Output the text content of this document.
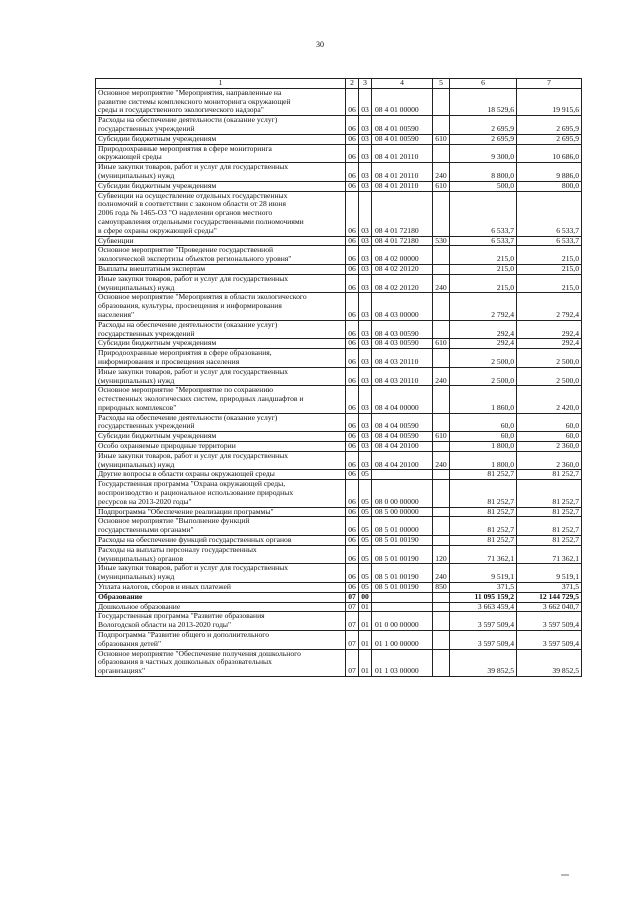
30
1	2	3	4	5	6	7

Основное мероприятие "Мероприятия, направленные на
развитие системы комплексного мониторинга окружающей
среды и государственного экологического надзора"	06	03	08 4 01 00000		18 529,6	19 915,6

Расходы на обеспечение деятельности (оказание услуг)
государственных учреждений	06	03	08 4 01 00590		2 695,9	2 695,9

Субсидии бюджетным учреждениям	06	03	08 4 01 00590	610	2 695,9	2 695,9

Природоохранные мероприятия в сфере мониторинга
окружающей среды	06	03	08 4 01 20110		9 300,0	10 686,0

Иные закупки товаров, работ и услуг для государственных
(муниципальных) нужд	06	03	08 4 01 20110	240	8 800,0	9 886,0

Субсидии бюджетным учреждениям	06	03	08 4 01 20110	610	500,0	800,0

Субвенции на осуществление отдельных государственных
полномочий в соответствии с законом области от 28 июня
2006 года № 1465-ОЗ "О наделении органов местного
самоуправления отдельными государственными полномочиями
в сфере охраны окружающей среды"	06	03	08 4 01 72180		6 533,7	6 533,7

Субвенции	06	03	08 4 01 72180	530	6 533,7	6 533,7

Основное мероприятие "Проведение государственной
экологической экспертизы объектов регионального уровня"	06	03	08 4 02 00000		215,0	215,0

Выплаты внештатным экспертам	06	03	08 4 02 20120		215,0	215,0

Иные закупки товаров, работ и услуг для государственных
(муниципальных) нужд	06	03	08 4 02 20120	240	215,0	215,0

Основное мероприятие "Мероприятия в области экологического
образования, культуры, просвещения и информирования
населения"	06	03	08 4 03 00000		2 792,4	2 792,4

Расходы на обеспечение деятельности (оказание услуг)
государственных учреждений	06	03	08 4 03 00590		292,4	292,4

Субсидии бюджетным учреждениям	06	03	08 4 03 00590	610	292,4	292,4

Природоохранные мероприятия в сфере образования,
информирования и просвещения населения	06	03	08 4 03 20110		2 500,0	2 500,0

Иные закупки товаров, работ и услуг для государственных
(муниципальных) нужд	06	03	08 4 03 20110	240	2 500,0	2 500,0

Основное мероприятие "Мероприятие по сохранению
естественных экологических систем, природных ландшафтов и
природных комплексов"	06	03	08 4 04 00000		1 860,0	2 420,0

Расходы на обеспечение деятельности (оказание услуг)
государственных учреждений	06	03	08 4 04 00590		60,0	60,0

Субсидии бюджетным учреждениям	06	03	08 4 04 00590	610	60,0	60,0

Особо охраняемые природные территории	06	03	08 4 04 20100		1 800,0	2 360,0

Иные закупки товаров, работ и услуг для государственных
(муниципальных) нужд	06	03	08 4 04 20100	240	1 800,0	2 360,0

Другие вопросы в области охраны окружающей среды	06	05			81 252,7	81 252,7

Государственная программа "Охрана окружающей среды,
воспроизводство и рациональное использование природных
ресурсов на 2013-2020 годы"	06	05	08 0 00 00000		81 252,7	81 252,7

Подпрограмма "Обеспечение реализации программы"	06	05	08 5 00 00000		81 252,7	81 252,7

Основное мероприятие "Выполнение функций
государственными органами"	06	05	08 5 01 00000		81 252,7	81 252,7

Расходы на обеспечение функций государственных органов	06	05	08 5 01 00190		81 252,7	81 252,7

Расходы на выплаты персоналу государственных
(муниципальных) органов	06	05	08 5 01 00190	120	71 362,1	71 362,1

Иные закупки товаров, работ и услуг для государственных
(муниципальных) нужд	06	05	08 5 01 00190	240	9 519,1	9 519,1

Уплата налогов, сборов и иных платежей	06	05	08 5 01 00190	850	371,5	371,5

Образование	07	00			11 095 159,2	12 144 729,5

Дошкольное образование	07	01			3 663 459,4	3 662 040,7

Государственная программа "Развитие образования
Вологодской области на 2013-2020 годы"	07	01	01 0 00 00000		3 597 509,4	3 597 509,4

Подпрограмма "Развитие общего и дополнительного
образования детей"	07	01	01 1 00 00000		3 597 509,4	3 597 509,4

Основное мероприятие "Обеспечение получения дошкольного
образования в частных дошкольных образовательных
организациях"	07	01	01 1 03 00000		39 852,5	39 852,5
